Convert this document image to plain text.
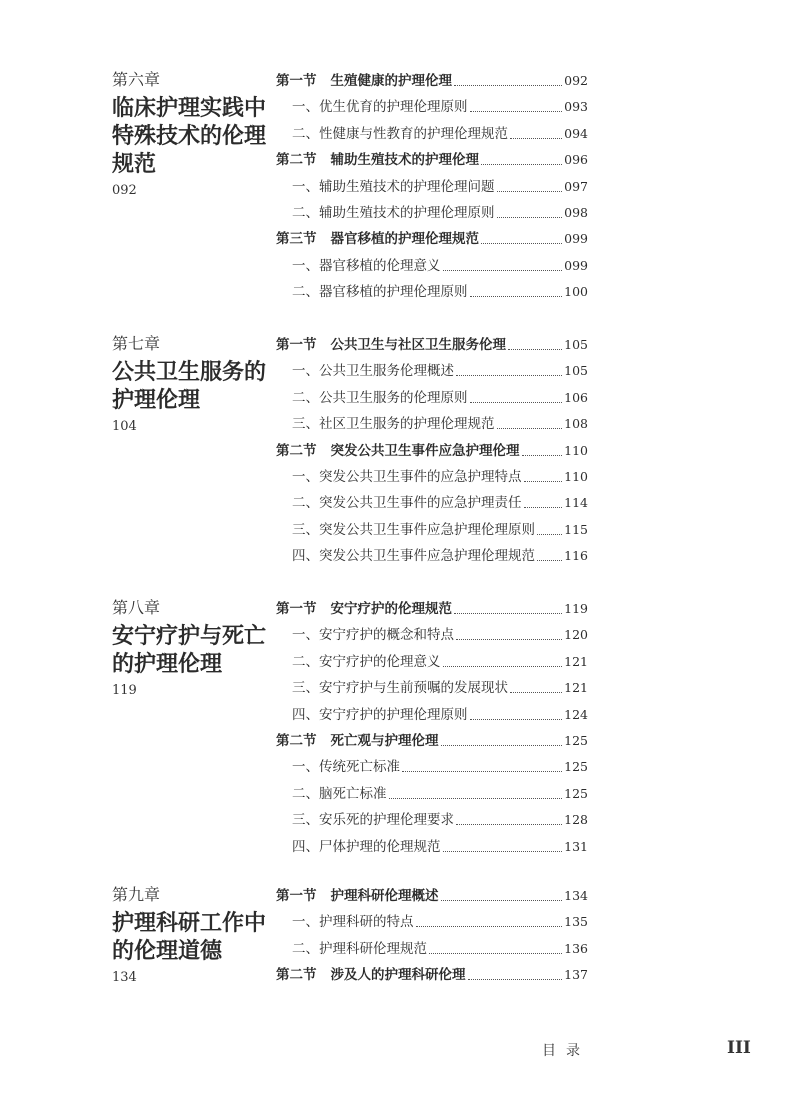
第六章
临床护理实践中
特殊技术的伦理
规范
092
第一节 生殖健康的护理伦理	092
一、优生优育的护理伦理原则	093
二、性健康与性教育的护理伦理规范	094
第二节 辅助生殖技术的护理伦理	096
一、辅助生殖技术的护理伦理问题	097
二、辅助生殖技术的护理伦理原则	098
第三节 器官移植的护理伦理规范	099
一、器官移植的伦理意义	099
二、器官移植的护理伦理原则	100
第七章
公共卫生服务的
护理伦理
104
第一节 公共卫生与社区卫生服务伦理	105
一、公共卫生服务伦理概述	105
二、公共卫生服务的伦理原则	106
三、社区卫生服务的护理伦理规范	108
第二节 突发公共卫生事件应急护理伦理	110
一、突发公共卫生事件的应急护理特点	110
二、突发公共卫生事件的应急护理责任	114
三、突发公共卫生事件应急护理伦理原则 115
四、突发公共卫生事件应急护理伦理规范 116
第八章
安宁疗护与死亡
的护理伦理
119
第一节 安宁疗护的伦理规范	119
一、安宁疗护的概念和特点	120
二、安宁疗护的伦理意义	121
三、安宁疗护与生前预嘱的发展现状	121
四、安宁疗护的护理伦理原则	124
第二节 死亡观与护理伦理	125
一、传统死亡标准	125
二、脑死亡标准	125
三、安乐死的护理伦理要求	128
四、尸体护理的伦理规范	131
第九章
护理科研工作中
的伦理道德
134
第一节 护理科研伦理概述	134
一、护理科研的特点	135
二、护理科研伦理规范	136
第二节 涉及人的护理科研伦理	137
目录	III
